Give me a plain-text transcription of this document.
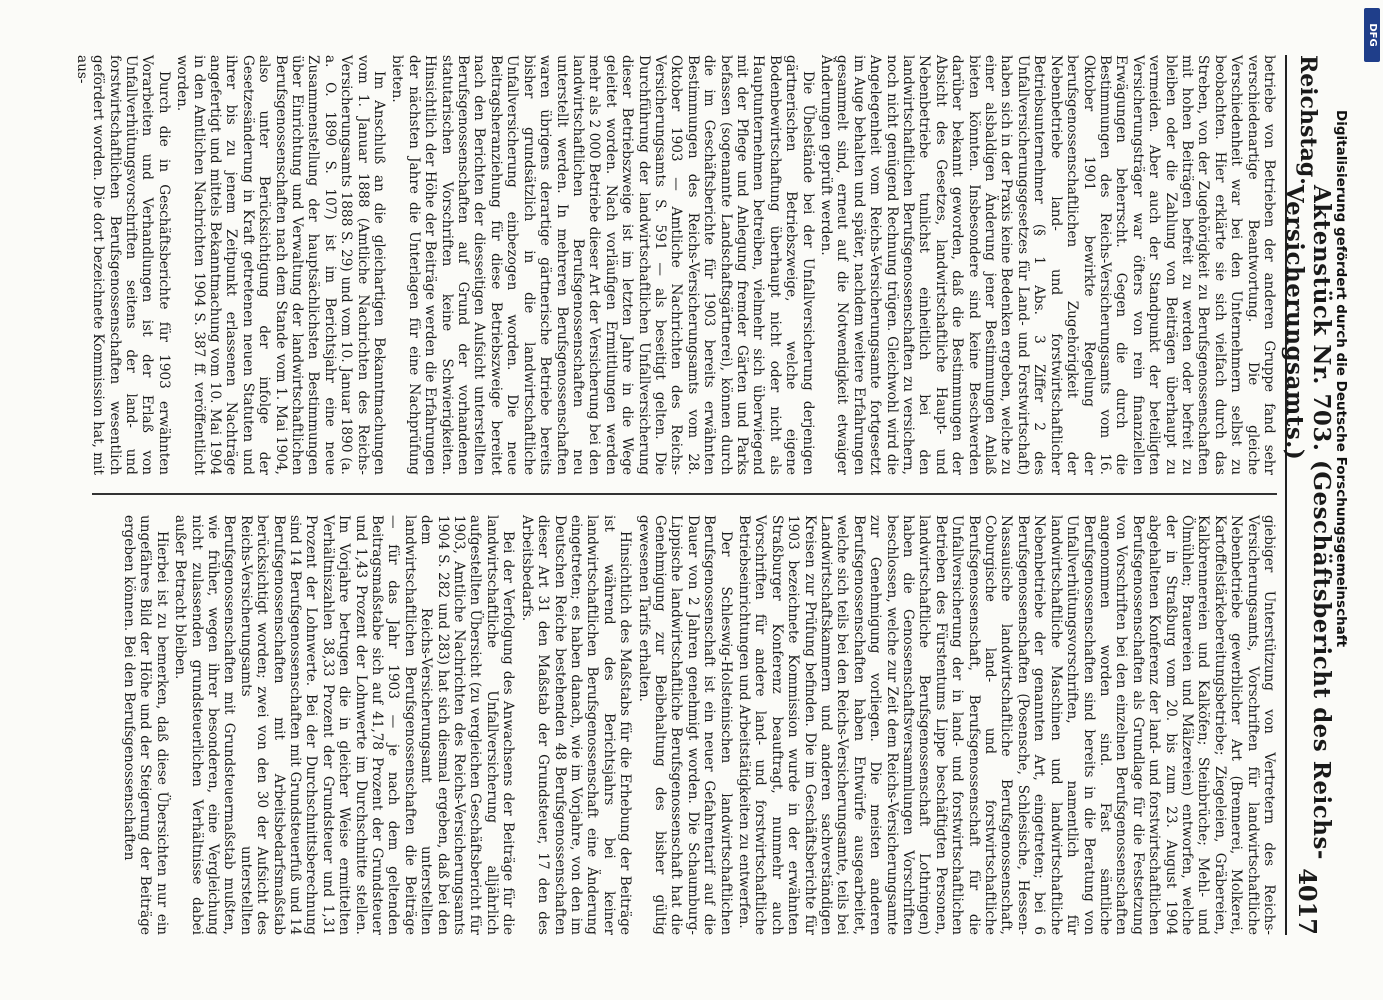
Reichstag.
Aktenstück Nr. 703. (Geschäftsbericht des Reichs-Versicherungsamts.)
4017

betriebe von Betrieben der anderen Gruppe fand sehr verschiedenartige Beantwortung. Die gleiche Verschiedenheit war bei den Unternehmern selbst zu beobachten. Hier erklärte sie sich vielfach durch das Streben, von der Zugehörigkeit zu Berufsgenossenschaften mit hohen Beiträgen befreit zu werden oder befreit zu bleiben oder die Zahlung von Beiträgen überhaupt zu vermeiden. Aber auch der Standpunkt der beteiligten Versicherungsträger war öfters von rein finanziellen Erwägungen beherrscht. Gegen die durch die Bestimmungen des Reichs-Versicherungsamts vom 16. Oktober 1901 bewirkte Regelung der berufsgenossenschaftlichen Zugehörigkeit der Nebenbetriebe land- und forstwirtschaftlicher Betriebsunternehmer (§ 1 Abs. 3 Ziffer 2 des Unfallversicherungsgesetzes für Land- und Forstwirtschaft) haben sich in der Praxis keine Bedenken ergeben, welche zu einer alsbaldigen Änderung jener Bestimmungen Anlaß bieten könnten. Insbesondere sind keine Beschwerden darüber bekannt geworden, daß die Bestimmungen der Absicht des Gesetzes, landwirtschaftliche Haupt- und Nebenbetriebe tunlichst einheitlich bei den landwirtschaftlichen Berufsgenossenschaften zu versichern, noch nicht genügend Rechnung trügen. Gleichwohl wird die Angelegenheit vom Reichs-Versicherungsamte fortgesetzt im Auge behalten und später, nachdem weitere Erfahrungen gesammelt sind, erneut auf die Notwendigkeit etwaiger Änderungen geprüft werden.

Die Übelstände bei der Unfallversicherung derjenigen gärtnerischen Betriebszweige, welche eigene Bodenbewirtschaftung überhaupt nicht oder nicht als Hauptunternehmen betreiben, vielmehr sich überwiegend mit der Pflege und Anlegung fremder Gärten und Parks befassen (sogenannte Landschaftsgärtnerei), können durch die im Geschäftsberichte für 1903 bereits erwähnten Bestimmungen des Reichs-Versicherungsamts vom 28. Oktober 1903 — Amtliche Nachrichten des Reichs-Versicherungsamts S. 591 — als beseitigt gelten. Die Durchführung der landwirtschaftlichen Unfallversicherung dieser Betriebszweige ist im letzten Jahre in die Wege geleitet worden. Nach vorläufigen Ermittlungen werden mehr als 2 000 Betriebe dieser Art der Versicherung bei den landwirtschaftlichen Berufsgenossenschaften neu unterstellt werden. In mehreren Berufsgenossenschaften waren übrigens derartige gärtnerische Betriebe bereits bisher grundsätzlich in die landwirtschaftliche Unfallversicherung einbezogen worden. Die neue Beitragsheranziehung für diese Betriebszweige bereitet nach den Berichten der diesseitigen Aufsicht unterstellten Berufsgenossenschaften auf Grund der vorhandenen statutarischen Vorschriften keine Schwierigkeiten. Hinsichtlich der Höhe der Beiträge werden die Erfahrungen der nächsten Jahre die Unterlagen für eine Nachprüfung bieten.

Im Anschluß an die gleichartigen Bekanntmachungen vom 1. Januar 1888 (Amtliche Nachrichten des Reichs-Versicherungsamts 1888 S. 29) und vom 10. Januar 1890 (a. a. O. 1890 S. 107) ist im Berichtsjahr eine neue Zusammenstellung der hauptsächlichsten Bestimmungen über Einrichtung und Verwaltung der landwirtschaftlichen Berufsgenossenschaften nach dem Stande vom 1. Mai 1904, also unter Berücksichtigung der infolge der Gesetzesänderung in Kraft getretenen neuen Statuten und ihrer bis zu jenem Zeitpunkt erlassenen Nachträge angefertigt und mittels Bekanntmachung vom 10. Mai 1904 in den Amtlichen Nachrichten 1904 S. 387 ff. veröffentlicht worden.

Durch die in Geschäftsberichte für 1903 erwähnten Vorarbeiten und Verhandlungen ist der Erlaß von Unfallverhütungsvorschriften seitens der land- und forstwirtschaftlichen Berufsgenossenschaften wesentlich gefördert worden. Die dort bezeichnete Kommission hat, mit aus-

giebiger Unterstützung von Vertretern des Reichs-Versicherungsamts, Vorschriften für landwirtschaftliche Nebenbetriebe gewerblicher Art (Brennerei, Molkerei, Kartoffelstärkebereitungsbetriebe; Ziegeleien, Gräbereien, Kalkbrennereien und Kalköfen; Steinbrüche; Mehl- und Ölmühlen; Brauereien und Mälzereien) entworfen, welche der in Straßburg vom 20. bis zum 23. August 1904 abgehaltenen Konferenz der land- und forstwirtschaftlichen Berufsgenossenschaften als Grundlage für die Festsetzung von Vorschriften bei den einzelnen Berufsgenossenschaften angenommen worden sind. Fast sämtliche Berufsgenossenschaften sind bereits in die Beratung von Unfallverhütungsvorschriften, namentlich für landwirtschaftliche Maschinen und landwirtschaftliche Nebenbetriebe der genannten Art, eingetreten; bei 6 Berufsgenossenschaften (Posensche, Schlesische, Hessen-Nassauische landwirtschaftliche Berufsgenossenschaft, Coburgische land- und forstwirtschaftliche Berufsgenossenschaft, Berufsgenossenschaft für die Unfallversicherung der in land- und forstwirtschaftlichen Betrieben des Fürstentums Lippe beschäftigten Personen, landwirtschaftliche Berufsgenossenschaft Lothringen) haben die Genossenschaftsversammlungen Vorschriften beschlossen, welche zur Zeit dem Reichs-Versicherungsamte zur Genehmigung vorliegen. Die meisten anderen Berufsgenossenschaften haben Entwürfe ausgearbeitet, welche sich teils bei den Reichs-Versicherungsamte, teils bei Landwirtschaftskammern und anderen sachverständigen Kreisen zur Prüfung befinden. Die im Geschäftsberichte für 1903 bezeichnete Kommission wurde in der erwähnten Straßburger Konferenz beauftragt, nunmehr auch Vorschriften für andere land- und forstwirtschaftliche Betriebseinrichtungen und Arbeitstätigkeiten zu entwerfen.

Der Schleswig-Holsteinischen landwirtschaftlichen Berufsgenossenschaft ist ein neuer Gefahrentarif auf die Dauer von 2 Jahren genehmigt worden. Die Schaumburg-Lippische landwirtschaftliche Berufsgenossenschaft hat die Genehmigung zur Beibehaltung des bisher gültig gewesenen Tarifs erhalten.

Hinsichtlich des Maßstabs für die Erhebung der Beiträge ist während des Berichtsjahrs bei keiner landwirtschaftlichen Berufsgenossenschaft eine Änderung eingetreten; es haben danach, wie im Vorjahre, von den im Deutschen Reiche bestehenden 48 Berufsgenossenschaften dieser Art 31 den Maßstab der Grundsteuer, 17 den des Arbeitsbedarfs.

Bei der Verfolgung des Anwachsens der Beiträge für die landwirtschaftliche Unfallversicherung alljährlich aufgestellten Übersicht (zu vergleichen Geschäftsbericht für 1903, Amtliche Nachrichten des Reichs-Versicherungsamts 1904 S. 282 und 283) hat sich diesmal ergeben, daß bei den dem Reichs-Versicherungsamt unterstellten landwirtschaftlichen Berufsgenossenschaften die Beiträge — für das Jahr 1903 — je nach dem geltenden Beitragsmaßstabe sich auf 41,78 Prozent der Grundsteuer und 1,43 Prozent der Lohnwerte im Durchschnitte stellen. Im Vorjahre betrugen die in gleicher Weise ermittelten Verhältniszahlen 38,33 Prozent der Grundsteuer und 1,31 Prozent der Lohnwerte. Bei der Durchschnittsberechnung sind 14 Berufsgenossenschaften mit Grundsteuerfuß und 14 Berufsgenossenschaften mit Arbeitsbedarfsmaßstab berücksichtigt worden; zwei von den 30 der Aufsicht des Reichs-Versicherungsamts unterstellten Berufsgenossenschaften mit Grundsteuermaßstab mußten, wie früher, wegen ihrer besonderen, eine Vergleichung nicht zulassenden grundsteuerlichen Verhältnisse dabei außer Betracht bleiben.

Hierbei ist zu bemerken, daß diese Übersichten nur ein ungefähres Bild der Höhe und der Steigerung der Beiträge ergeben können. Bei den Berufsgenossenschaften

Digitalisierung gefördert durch die Deutsche Forschungsgemeinschaft
DFG
